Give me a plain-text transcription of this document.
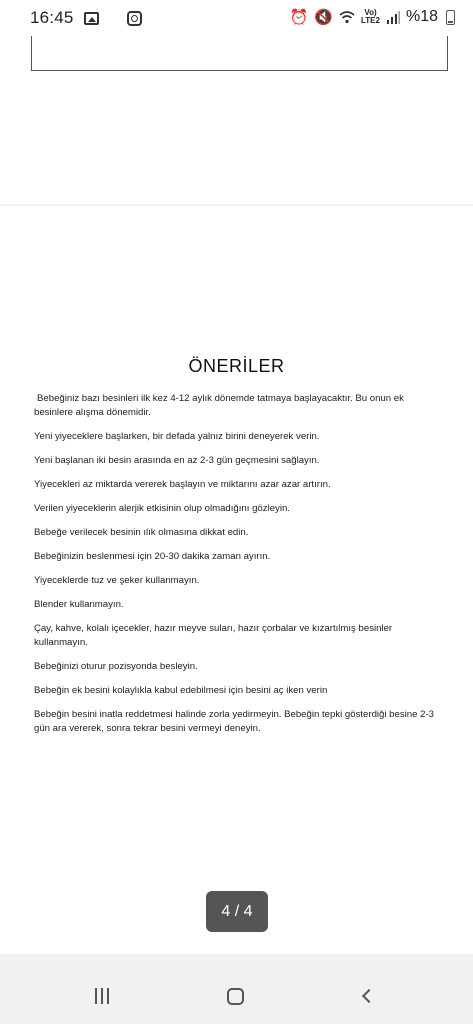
16:45	⏰ 🔇	Vo)
LTE2 %18
ÖNERİLER

Bebeğiniz bazı besinleri ilk kez 4-12 aylık dönemde tatmaya başlayacaktır. Bu onun ek besinlere alışma dönemidir.

Yeni yiyeceklere başlarken, bir defada yalnız birini deneyerek verin.

Yeni başlanan iki besin arasında en az 2-3 gün geçmesini sağlayın.

Yiyecekleri az miktarda vererek başlayın ve miktarını azar azar artırın.

Verilen yiyeceklerin alerjik etkisinin olup olmadığını gözleyin.

Bebeğe verilecek besinin ılık olmasına dikkat edin.

Bebeğinizin beslenmesi için 20-30 dakika zaman ayırın.

Yiyeceklerde tuz ve şeker kullanmayın.

Blender kullanmayın.

Çay, kahve, kolalı içecekler, hazır meyve suları, hazır çorbalar ve kızartılmış besinler kullanmayın.

Bebeğinizi oturur pozisyonda besleyin.

Bebeğin ek besini kolaylıkla kabul edebilmesi için besini aç iken verin

Bebeğin besini inatla reddetmesi halinde zorla yedirmeyin. Bebeğin tepki gösterdiği besine 2-3 gün ara vererek, sonra tekrar besini vermeyi deneyin.

4 / 4
